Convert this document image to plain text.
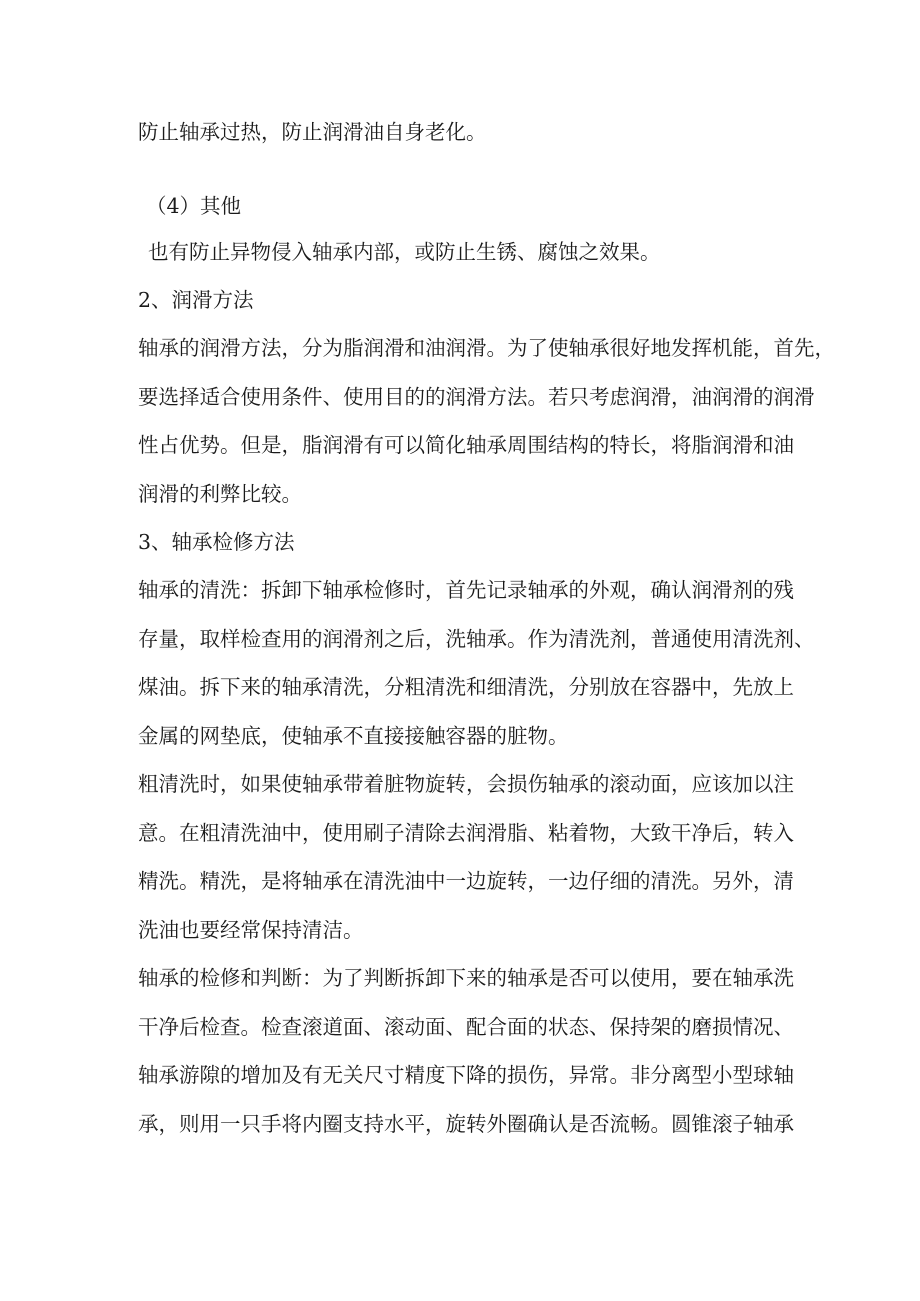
防止轴承过热，防止润滑油自身老化。

（4）其他

也有防止异物侵入轴承内部，或防止生锈、腐蚀之效果。

2、润滑方法

轴承的润滑方法，分为脂润滑和油润滑。为了使轴承很好地发挥机能，首先，
要选择适合使用条件、使用目的的润滑方法。若只考虑润滑，油润滑的润滑
性占优势。但是，脂润滑有可以简化轴承周围结构的特长，将脂润滑和油
润滑的利弊比较。

3、轴承检修方法

轴承的清洗：拆卸下轴承检修时，首先记录轴承的外观，确认润滑剂的残
存量，取样检查用的润滑剂之后，洗轴承。作为清洗剂，普通使用清洗剂、
煤油。拆下来的轴承清洗，分粗清洗和细清洗，分别放在容器中，先放上
金属的网垫底，使轴承不直接接触容器的脏物。

粗清洗时，如果使轴承带着脏物旋转，会损伤轴承的滚动面，应该加以注
意。在粗清洗油中，使用刷子清除去润滑脂、粘着物，大致干净后，转入
精洗。精洗，是将轴承在清洗油中一边旋转，一边仔细的清洗。另外，清
洗油也要经常保持清洁。

轴承的检修和判断：为了判断拆卸下来的轴承是否可以使用，要在轴承洗
干净后检查。检查滚道面、滚动面、配合面的状态、保持架的磨损情况、
轴承游隙的增加及有无关尺寸精度下降的损伤，异常。非分离型小型球轴
承，则用一只手将内圈支持水平，旋转外圈确认是否流畅。圆锥滚子轴承
